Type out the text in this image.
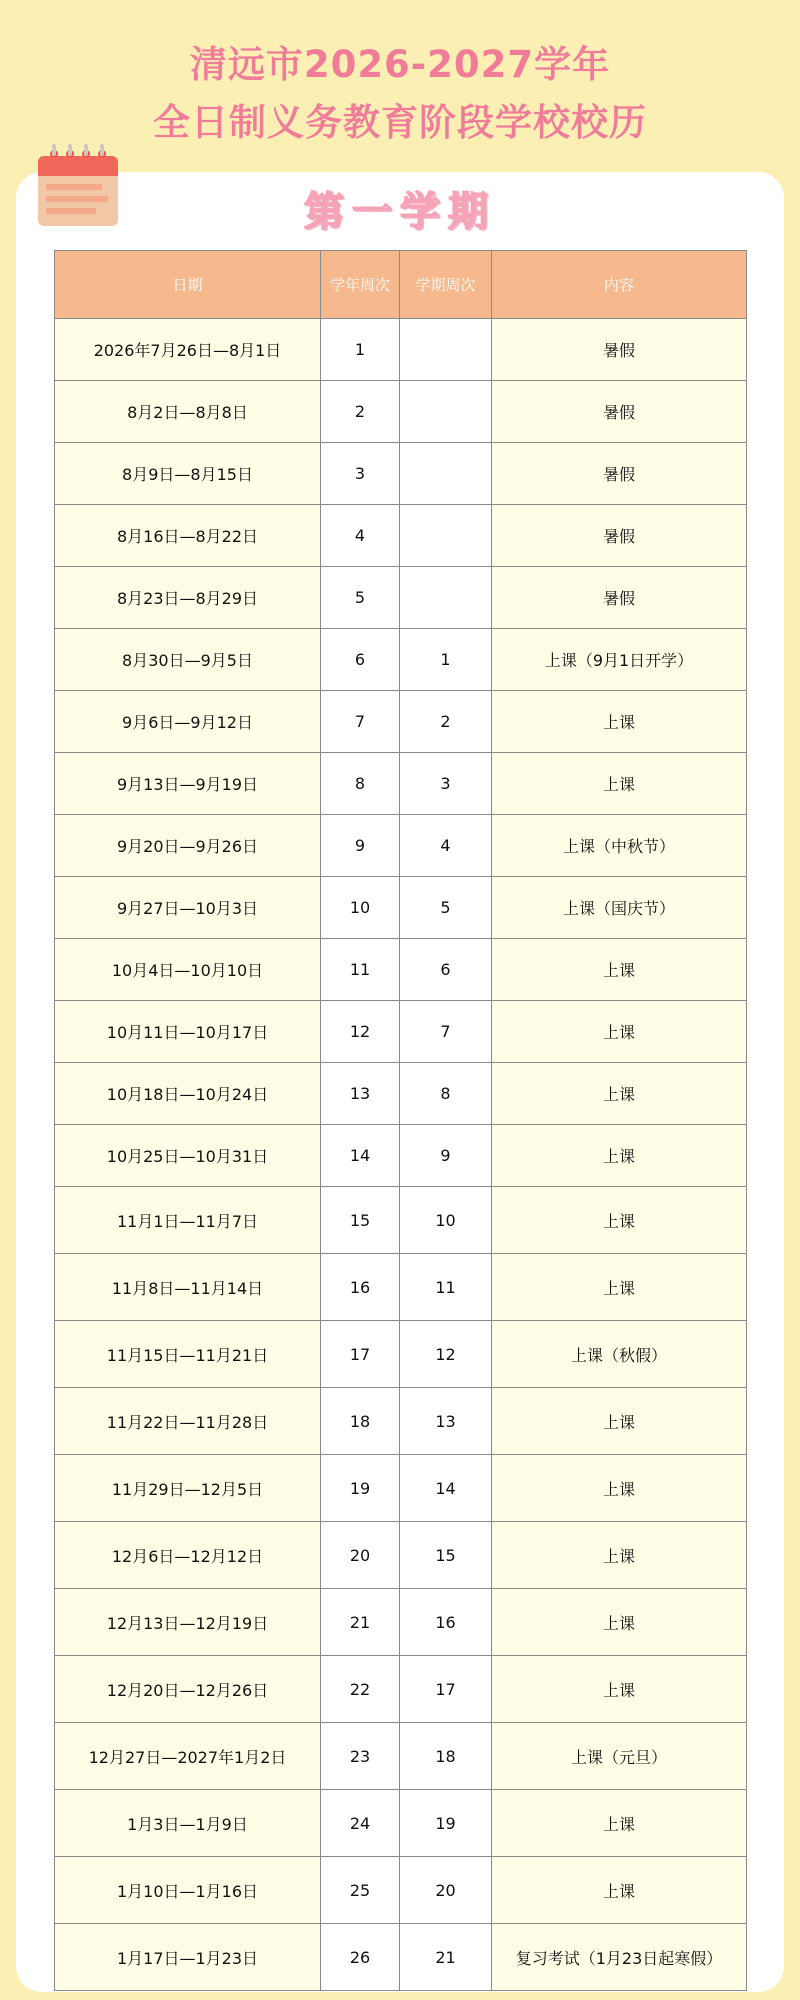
清远市2026-2027学年
全日制义务教育阶段学校校历
第一学期
日期	学年周次	学期周次	内容
2026年7月26日—8月1日	1		暑假
8月2日—8月8日	2		暑假
8月9日—8月15日	3		暑假
8月16日—8月22日	4		暑假
8月23日—8月29日	5		暑假
8月30日—9月5日	6	1	上课（9月1日开学）
9月6日—9月12日	7	2	上课
9月13日—9月19日	8	3	上课
9月20日—9月26日	9	4	上课（中秋节）
9月27日—10月3日	10	5	上课（国庆节）
10月4日—10月10日	11	6	上课
10月11日—10月17日	12	7	上课
10月18日—10月24日	13	8	上课
10月25日—10月31日	14	9	上课
11月1日—11月7日	15	10	上课
11月8日—11月14日	16	11	上课
11月15日—11月21日	17	12	上课（秋假）
11月22日—11月28日	18	13	上课
11月29日—12月5日	19	14	上课
12月6日—12月12日	20	15	上课
12月13日—12月19日	21	16	上课
12月20日—12月26日	22	17	上课
12月27日—2027年1月2日	23	18	上课（元旦）
1月3日—1月9日	24	19	上课
1月10日—1月16日	25	20	上课
1月17日—1月23日	26	21	复习考试（1月23日起寒假）
